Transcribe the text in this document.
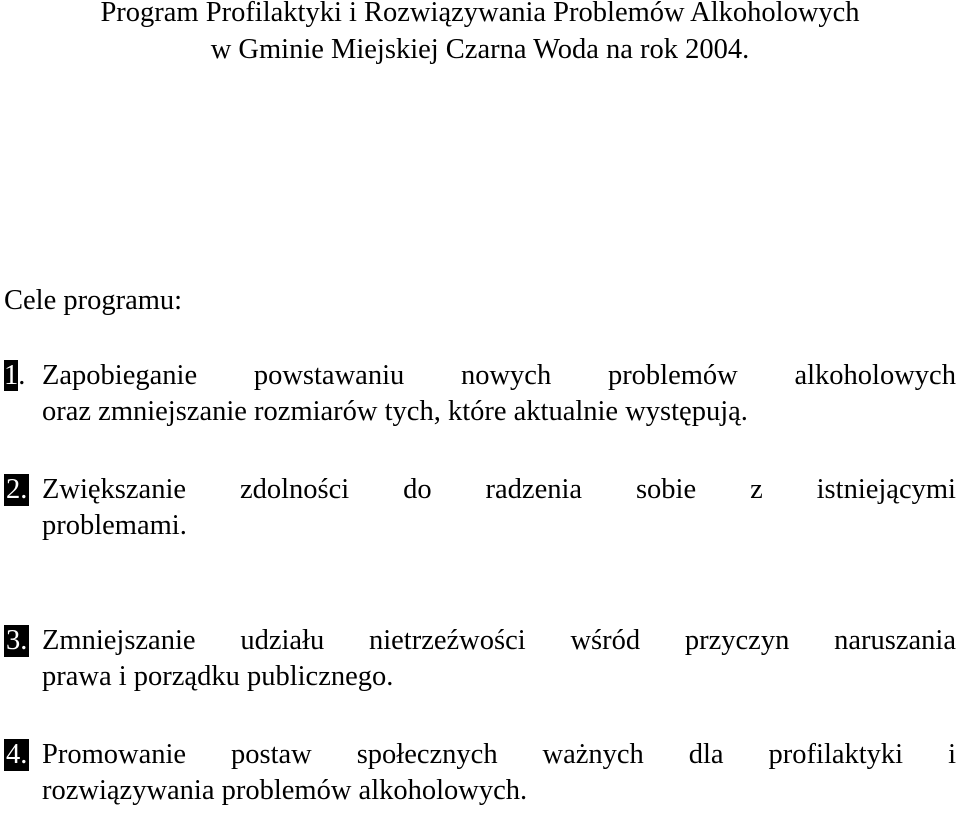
Program Profilaktyki i Rozwiązywania Problemów Alkoholowych
w Gminie Miejskiej Czarna Woda na rok 2004.
Cele programu:
1. Zapobieganie powstawaniu nowych problemów alkoholowych
oraz zmniejszanie rozmiarów tych, które aktualnie występują.
2. Zwiększanie zdolności do radzenia sobie z istniejącymi
problemami.
3. Zmniejszanie udziału nietrzeźwości wśród przyczyn naruszania
prawa i porządku publicznego.
4. Promowanie postaw społecznych ważnych dla profilaktyki i
rozwiązywania problemów alkoholowych.
